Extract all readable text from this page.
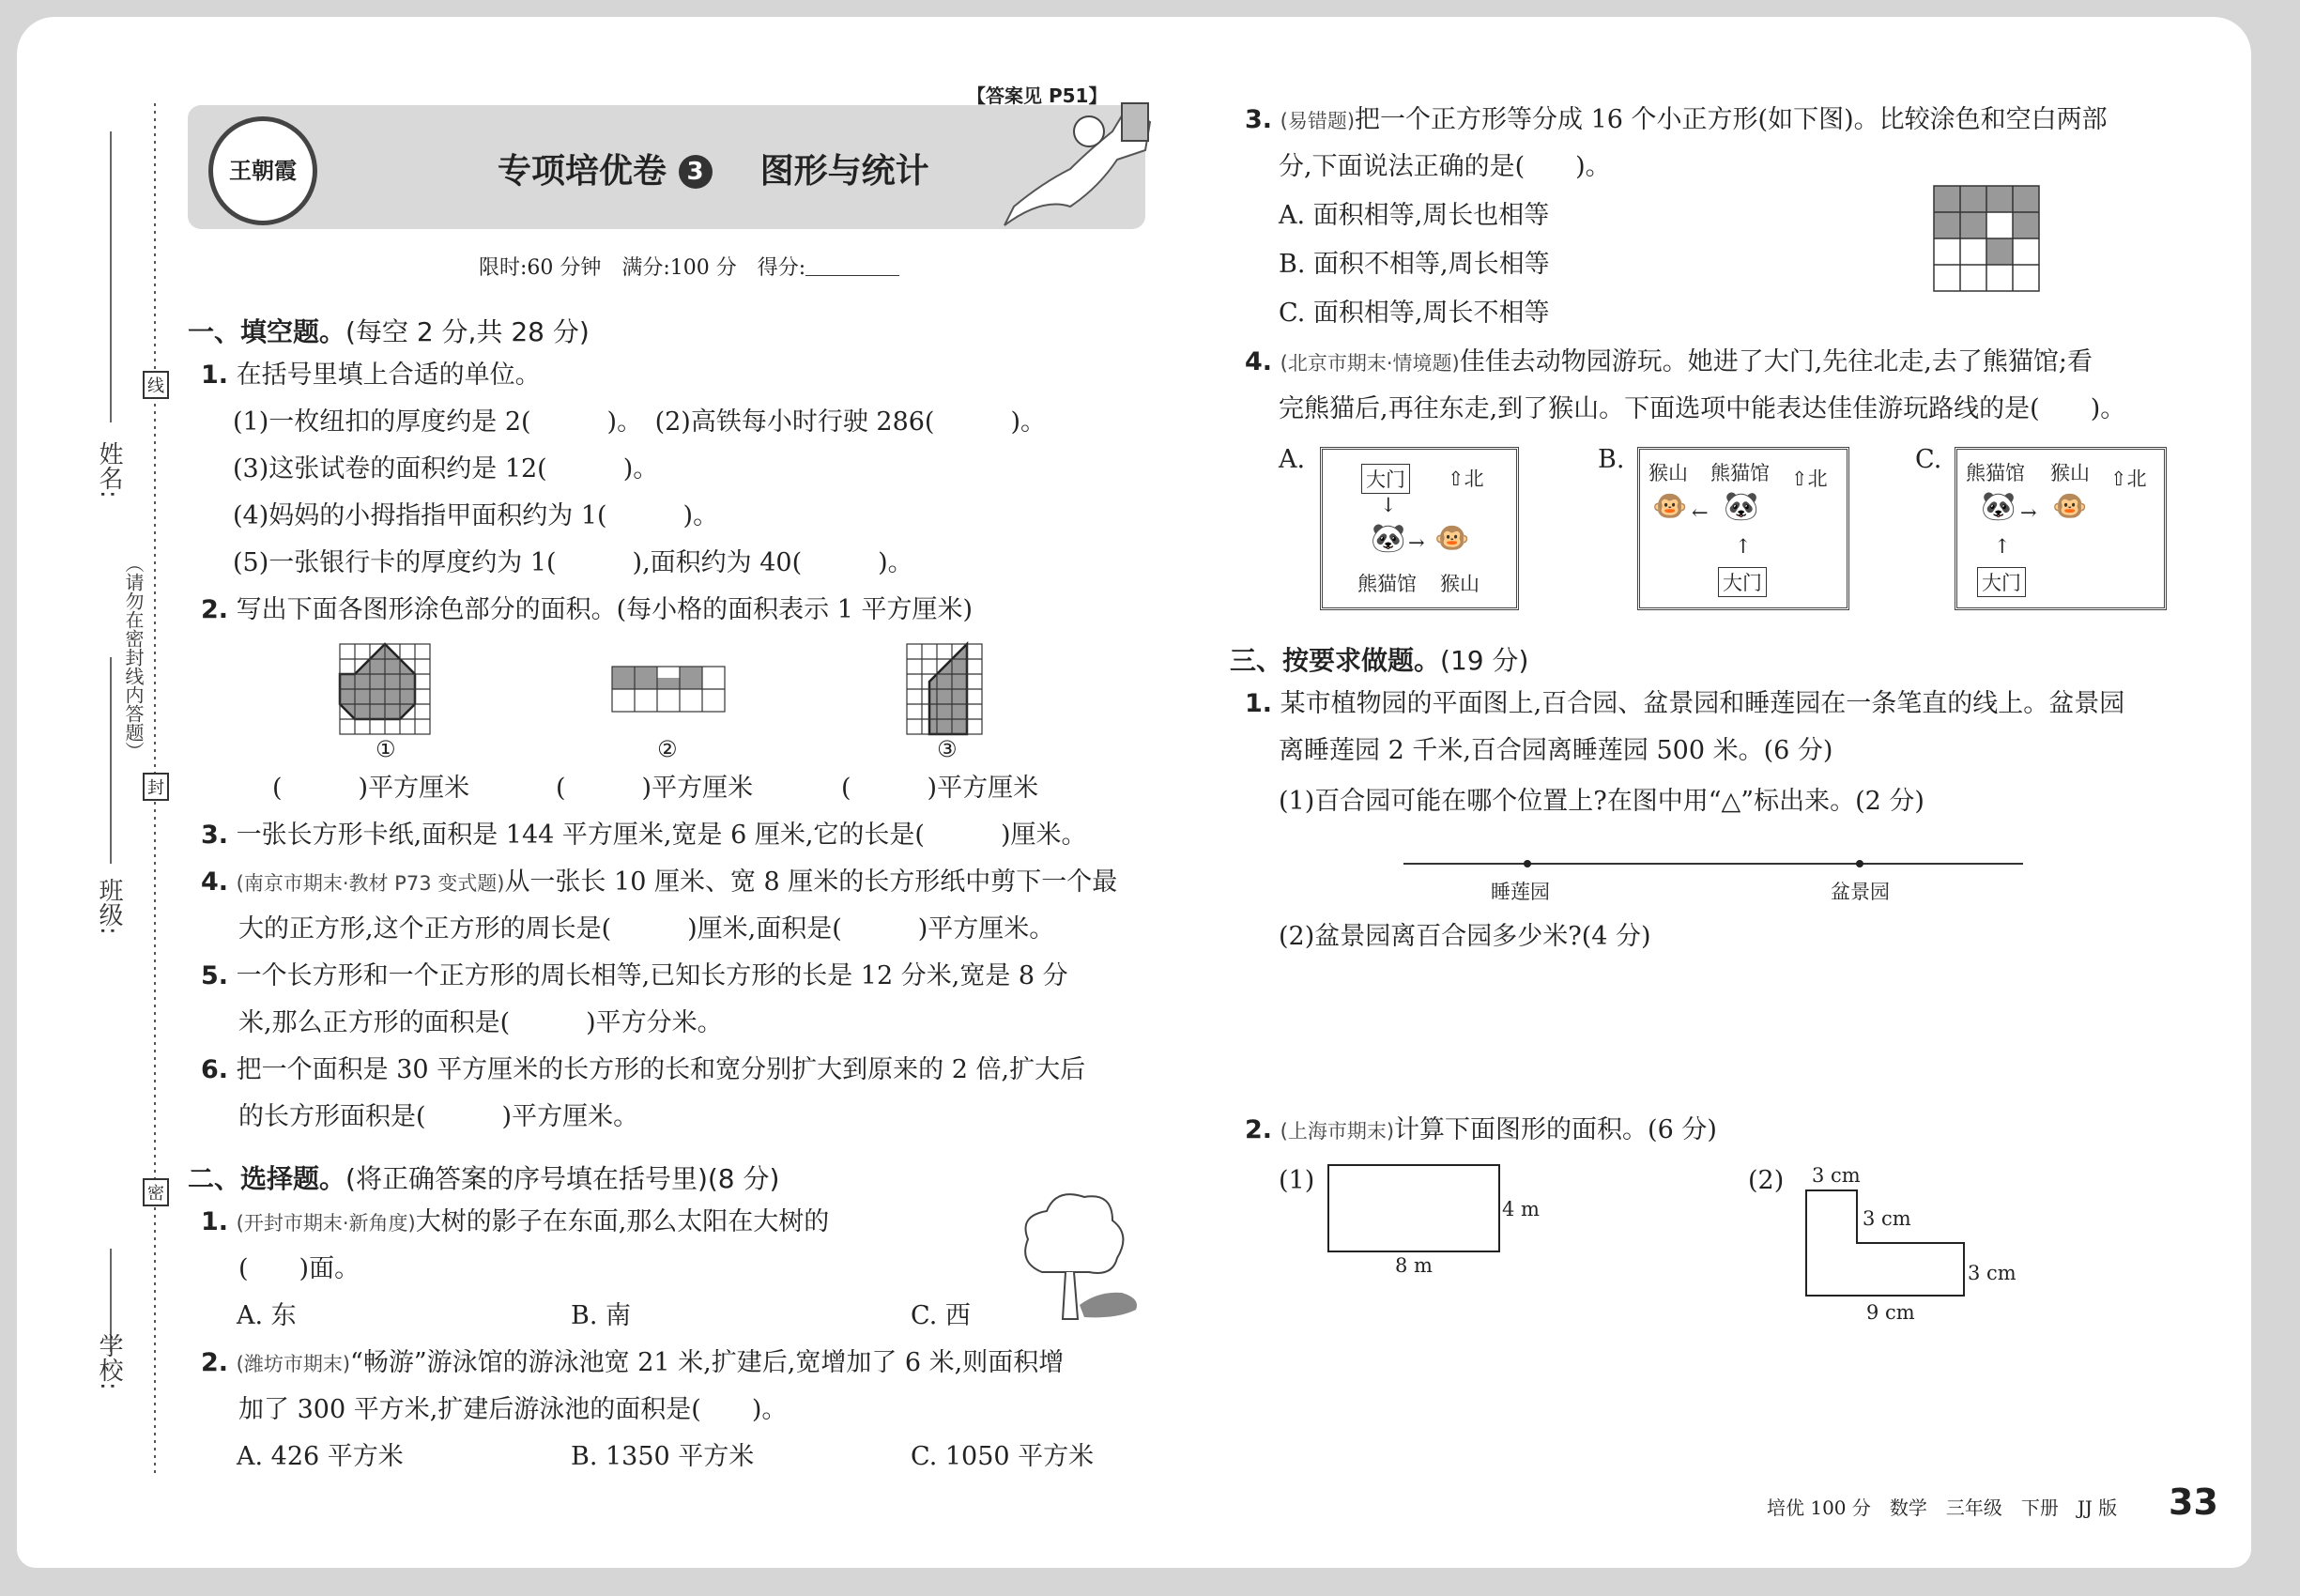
姓名:
班级:
学校:
线
封
密
（请勿在密封线内答题）
【答案见 P51】
王朝霞	专项培优卷 3 图形与统计
限时:60 分钟　满分:100 分　得分:
一、填空题。(每空 2 分,共 28 分)
1. 在括号里填上合适的单位。
(1)一枚纽扣的厚度约是 2(　　　)。　(2)高铁每小时行驶 286(　　　)。
(3)这张试卷的面积约是 12(　　　)。
(4)妈妈的小拇指指甲面积约为 1(　　　)。
(5)一张银行卡的厚度约为 1(　　　),面积约为 40(　　　)。
2. 写出下面各图形涂色部分的面积。(每小格的面积表示 1 平方厘米)
①	②	③
(　　　)平方厘米	(　　　)平方厘米	(　　　)平方厘米
3. 一张长方形卡纸,面积是 144 平方厘米,宽是 6 厘米,它的长是(　　　)厘米。
4. (南京市期末·教材 P73 变式题)从一张长 10 厘米、宽 8 厘米的长方形纸中剪下一个最
大的正方形,这个正方形的周长是(　　　)厘米,面积是(　　　)平方厘米。
5. 一个长方形和一个正方形的周长相等,已知长方形的长是 12 分米,宽是 8 分
米,那么正方形的面积是(　　　)平方分米。
6. 把一个面积是 30 平方厘米的长方形的长和宽分别扩大到原来的 2 倍,扩大后
的长方形面积是(　　　)平方厘米。
二、选择题。(将正确答案的序号填在括号里)(8 分)
1. (开封市期末·新角度)大树的影子在东面,那么太阳在大树的
(　　)面。
A. 东	B. 南	C. 西
2. (潍坊市期末)“畅游”游泳馆的游泳池宽 21 米,扩建后,宽增加了 6 米,则面积增
加了 300 平方米,扩建后游泳池的面积是(　　)。
A. 426 平方米	B. 1350 平方米	C. 1050 平方米
3. (易错题)把一个正方形等分成 16 个小正方形(如下图)。比较涂色和空白两部
分,下面说法正确的是(　　)。
A. 面积相等,周长也相等
B. 面积不相等,周长相等
C. 面积相等,周长不相等
4. (北京市期末·情境题)佳佳去动物园游玩。她进了大门,先往北走,去了熊猫馆;看
完熊猫后,再往东走,到了猴山。下面选项中能表达佳佳游玩路线的是(　　)。
A.
大门 ⇧北
↓
🐼 → 🐵
熊猫馆 猴山
B. 猴山 熊猫馆 ⇧北
🐵 ← 🐼
↑
大门
C. 熊猫馆 猴山 ⇧北
🐼 → 🐵
↑
大门
三、按要求做题。(19 分)
1. 某市植物园的平面图上,百合园、盆景园和睡莲园在一条笔直的线上。盆景园
离睡莲园 2 千米,百合园离睡莲园 500 米。(6 分)
(1)百合园可能在哪个位置上?在图中用“△”标出来。(2 分)
睡莲园	盆景园
(2)盆景园离百合园多少米?(4 分)
2. (上海市期末)计算下面图形的面积。(6 分)
(1)
4 m
8 m
(2) 3 cm
3 cm
3 cm
9 cm
培优 100 分　数学　三年级　下册　JJ 版 33
